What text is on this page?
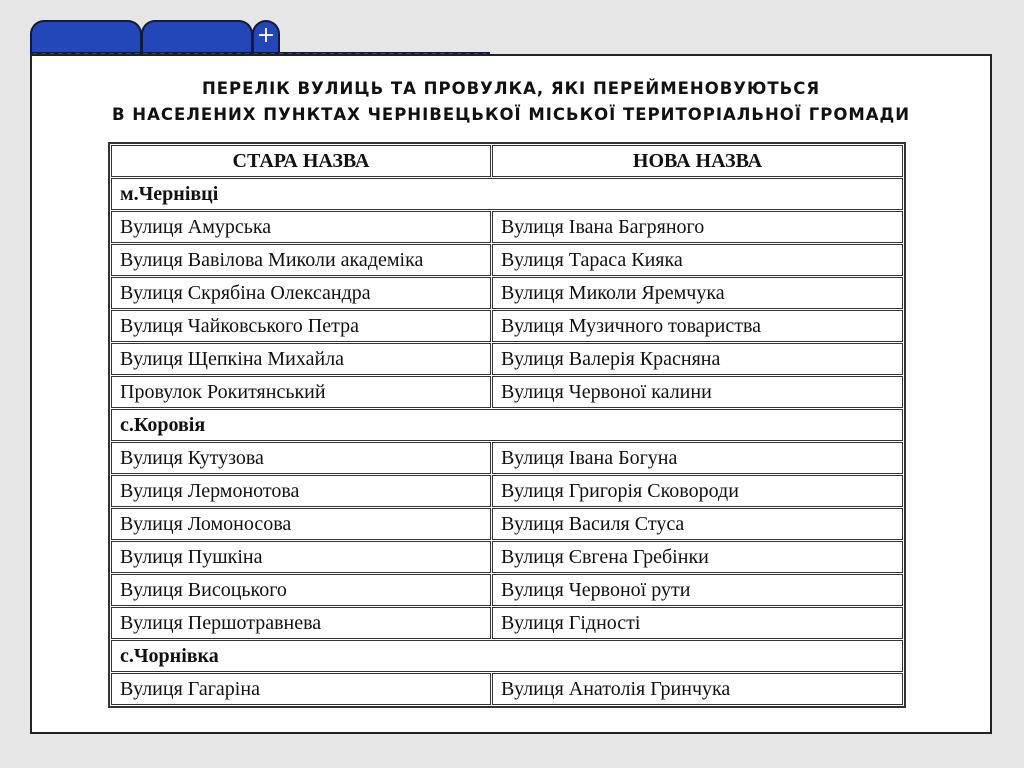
+
ПЕРЕЛІК ВУЛИЦЬ ТА ПРОВУЛКА, ЯКІ ПЕРЕЙМЕНОВУЮТЬСЯ
В НАСЕЛЕНИХ ПУНКТАХ ЧЕРНІВЕЦЬКОЇ МІСЬКОЇ ТЕРИТОРІАЛЬНОЇ ГРОМАДИ
СТАРА НАЗВА	НОВА НАЗВА
м.Чернівці	
Вулиця Амурська	Вулиця Івана Багряного
Вулиця Вавілова Миколи академіка	Вулиця Тараса Кияка
Вулиця Скрябіна Олександра	Вулиця Миколи Яремчука
Вулиця Чайковського Петра	Вулиця Музичного товариства
Вулиця Щепкіна Михайла	Вулиця Валерія Красняна
Провулок Рокитянський	Вулиця Червоної калини
с.Коровія	
Вулиця Кутузова	Вулиця Івана Богуна
Вулиця Лермонотова	Вулиця Григорія Сковороди
Вулиця Ломоносова	Вулиця Василя Стуса
Вулиця Пушкіна	Вулиця Євгена Гребінки
Вулиця Висоцького	Вулиця Червоної рути
Вулиця Першотравнева	Вулиця Гідності
с.Чорнівка	
Вулиця Гагаріна	Вулиця Анатолія Гринчука
